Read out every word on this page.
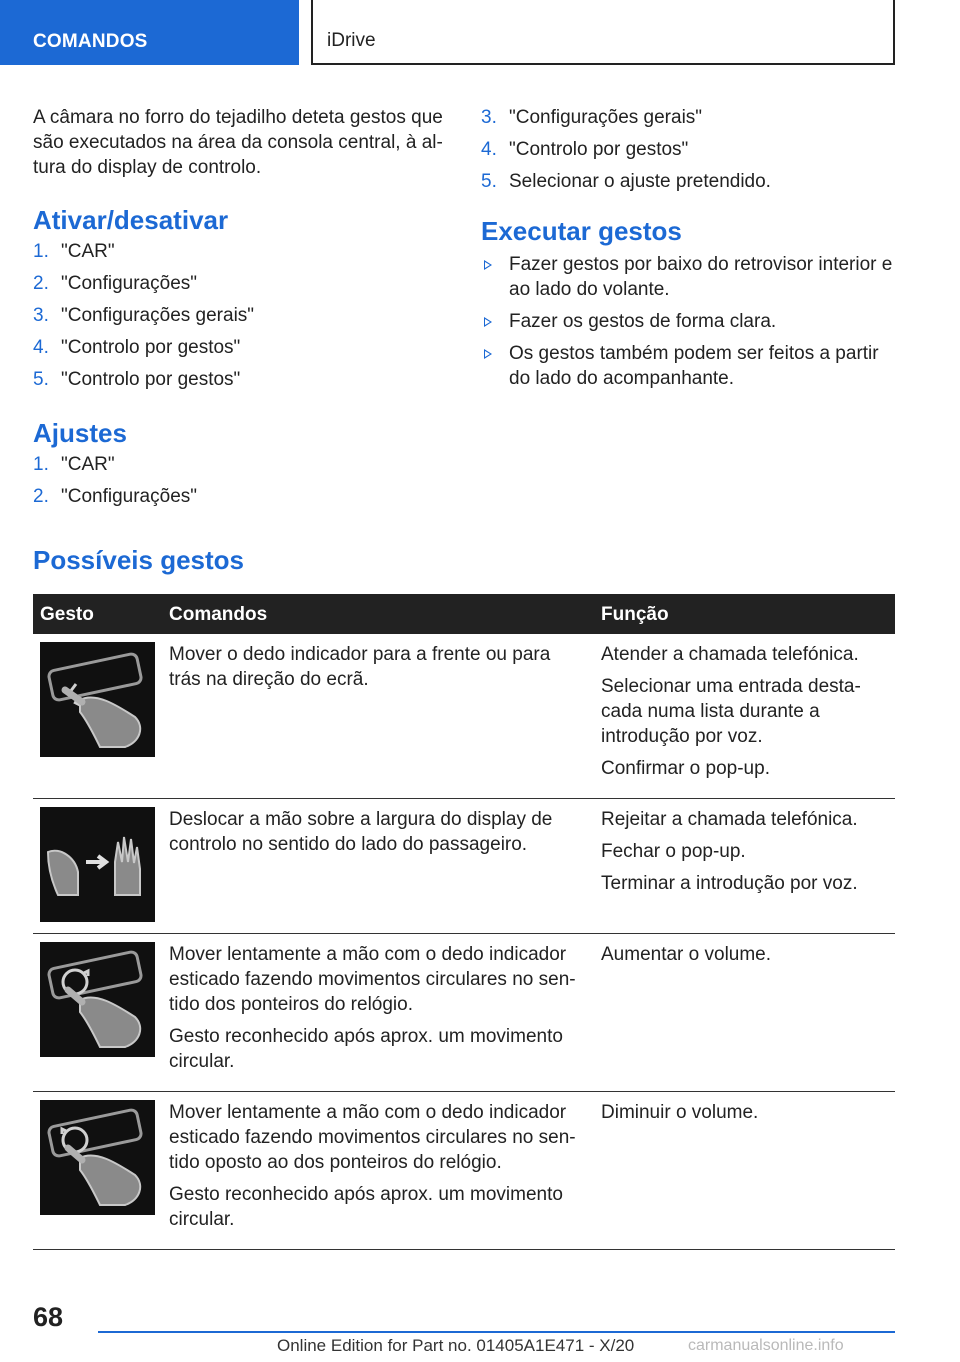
COMANDOS	iDrive

A câmara no forro do tejadilho deteta gestos que são executados na área da consola central, à altura do display de controlo.

Ativar/desativar
1. "CAR"
2. "Configurações"
3. "Configurações gerais"
4. "Controlo por gestos"
5. "Controlo por gestos"
Ajustes
1. "CAR"
2. "Configurações"
3. "Configurações gerais"
4. "Controlo por gestos"
5. Selecionar o ajuste pretendido.
Executar gestos
Fazer gestos por baixo do retrovisor interior e ao lado do volante.
Fazer os gestos de forma clara.
Os gestos também podem ser feitos a partir do lado do acompanhante.
Possíveis gestos
Gesto	Comandos	Função

Mover o dedo indicador para a frente ou para trás na direção do ecrã.	Atender a chamada telefónica.

Selecionar uma entrada destacada numa lista durante a introdução por voz.

Confirmar o pop-up.

Deslocar a mão sobre a largura do display de controlo no sentido do lado do passageiro.	Rejeitar a chamada telefónica.

Fechar o pop-up.

Terminar a introdução por voz.

Mover lentamente a mão com o dedo indicador esticado fazendo movimentos circulares no sentido dos ponteiros do relógio.

Gesto reconhecido após aprox. um movimento circular.	Aumentar o volume.

Mover lentamente a mão com o dedo indicador esticado fazendo movimentos circulares no sentido oposto ao dos ponteiros do relógio.

Gesto reconhecido após aprox. um movimento circular.	Diminuir o volume.

68
Online Edition for Part no. 01405A1E471 - X/20	carmanualsonline.info
